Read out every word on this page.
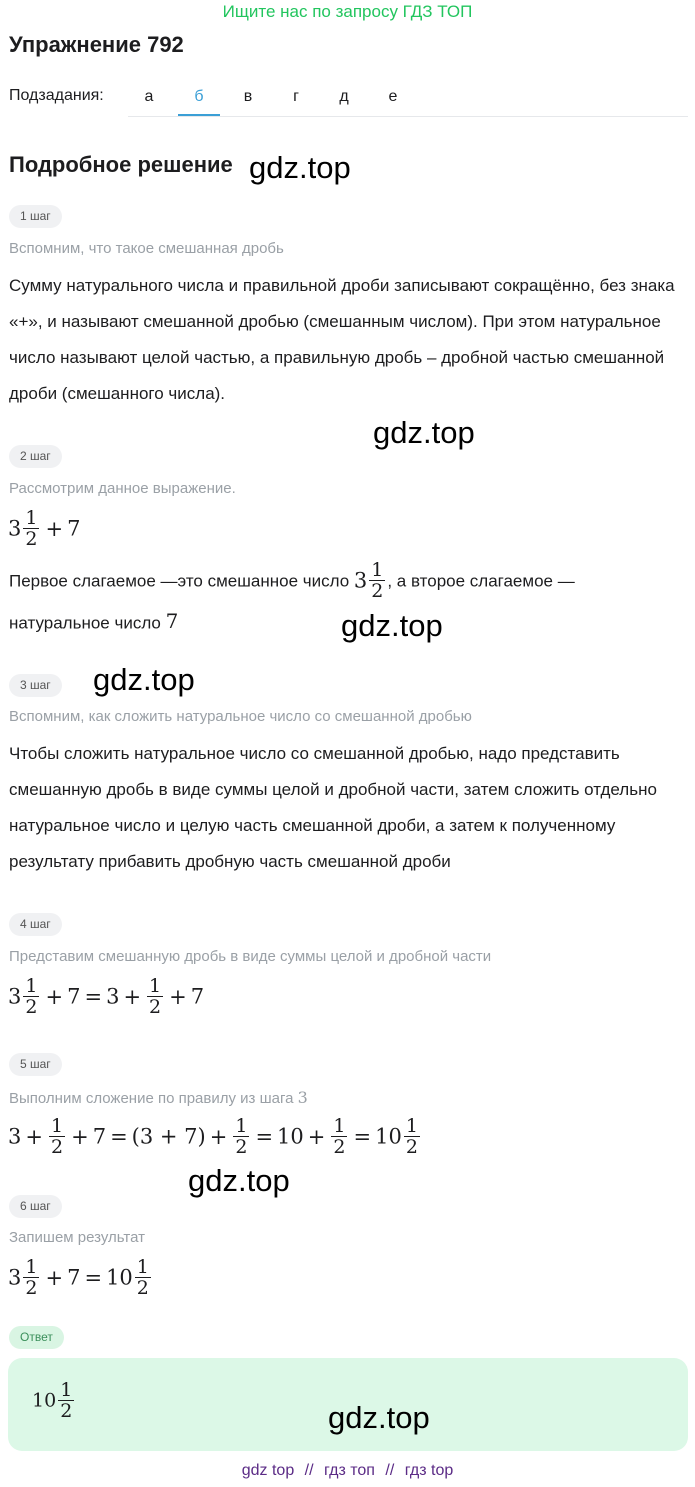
Ищите нас по запросу ГДЗ ТОП
Упражнение 792
Подзадания:	а	б	в	г	д	е
Подробное решение gdz.top
1 шаг
Вспомним, что такое смешанная дробь
Сумму натурального числа и правильной дроби записывают сокращённо, без знака «+», и называют смешанной дробью (смешанным числом). При этом натуральное число называют целой частью, а правильную дробь – дробной частью смешанной дроби (смешанного числа).
gdz.top
2 шаг
Рассмотрим данное выражение.
$3 \frac{1}{2} + 7$
Первое слагаемое —это смешанное число $3 \frac{1}{2}$ , а второе слагаемое —
натуральное число 7	gdz.top
3 шаг	gdz.top
Вспомним, как сложить натуральное число со смешанной дробью
Чтобы сложить натуральное число со смешанной дробью, надо представить смешанную дробь в виде суммы целой и дробной части, затем сложить отдельно натуральное число и целую часть смешанной дроби, а затем к полученному результату прибавить дробную часть смешанной дроби
4 шаг
Представим смешанную дробь в виде суммы целой и дробной части
$3 \frac{1}{2} + 7 = 3 + \frac{1}{2} + 7$
5 шаг
Выполним сложение по правилу из шага 3
$3 + \frac{1}{2} + 7 = (3 + 7) + \frac{1}{2} = 10 + \frac{1}{2} = 10 \frac{1}{2}$
gdz.top
6 шаг
Запишем результат
$3 \frac{1}{2} + 7 = 10 \frac{1}{2}$
Ответ
$10 \frac{1}{2}$	gdz.top
gdz top // гдз топ // гдз top
